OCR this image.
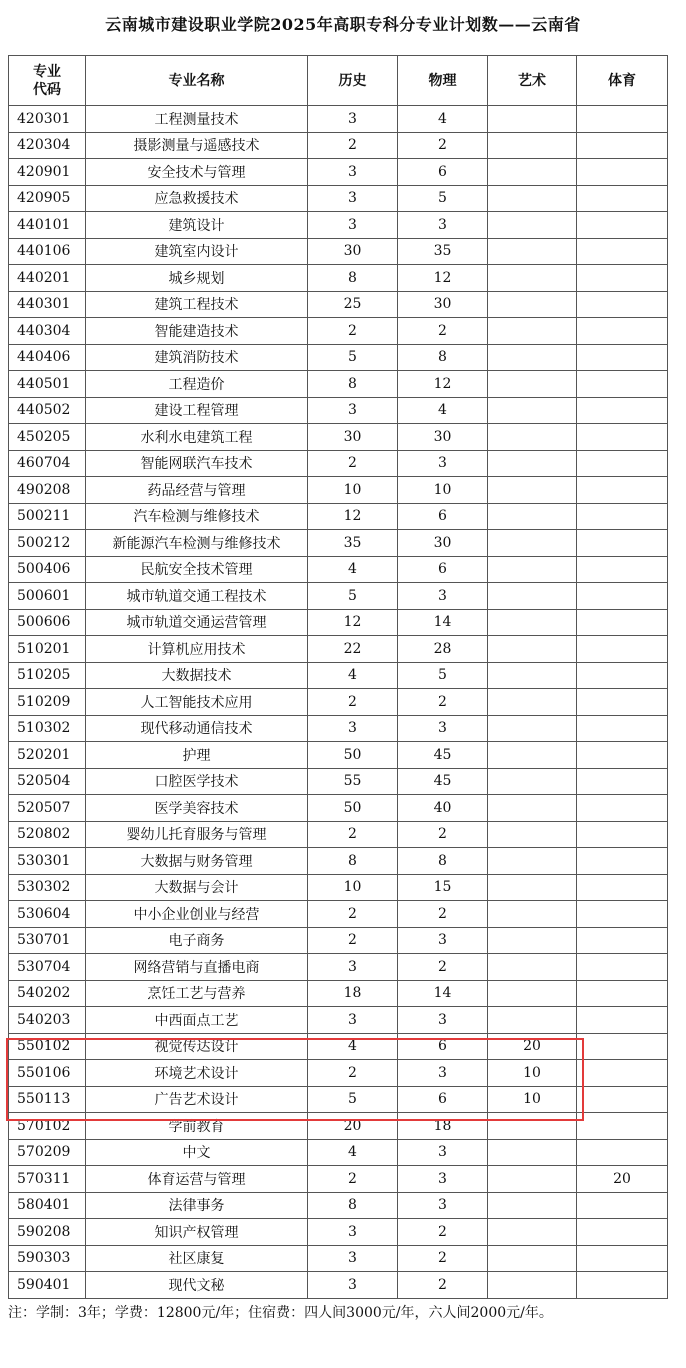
云南城市建设职业学院2025年高职专科分专业计划数——云南省
专业
代码	专业名称	历史	物理	艺术	体育
420301	工程测量技术	3	4		
420304	摄影测量与遥感技术	2	2		
420901	安全技术与管理	3	6		
420905	应急救援技术	3	5		
440101	建筑设计	3	3		
440106	建筑室内设计	30	35		
440201	城乡规划	8	12		
440301	建筑工程技术	25	30		
440304	智能建造技术	2	2		
440406	建筑消防技术	5	8		
440501	工程造价	8	12		
440502	建设工程管理	3	4		
450205	水利水电建筑工程	30	30		
460704	智能网联汽车技术	2	3		
490208	药品经营与管理	10	10		
500211	汽车检测与维修技术	12	6		
500212	新能源汽车检测与维修技术	35	30		
500406	民航安全技术管理	4	6		
500601	城市轨道交通工程技术	5	3		
500606	城市轨道交通运营管理	12	14		
510201	计算机应用技术	22	28		
510205	大数据技术	4	5		
510209	人工智能技术应用	2	2		
510302	现代移动通信技术	3	3		
520201	护理	50	45		
520504	口腔医学技术	55	45		
520507	医学美容技术	50	40		
520802	婴幼儿托育服务与管理	2	2		
530301	大数据与财务管理	8	8		
530302	大数据与会计	10	15		
530604	中小企业创业与经营	2	2		
530701	电子商务	2	3		
530704	网络营销与直播电商	3	2		
540202	烹饪工艺与营养	18	14		
540203	中西面点工艺	3	3		
550102	视觉传达设计	4	6	20	
550106	环境艺术设计	2	3	10	
550113	广告艺术设计	5	6	10	
570102	学前教育	20	18		
570209	中文	4	3		
570311	体育运营与管理	2	3		20
580401	法律事务	8	3		
590208	知识产权管理	3	2		
590303	社区康复	3	2		
590401	现代文秘	3	2		
注：学制：3年；学费：12800元/年；住宿费：四人间3000元/年，六人间2000元/年。
